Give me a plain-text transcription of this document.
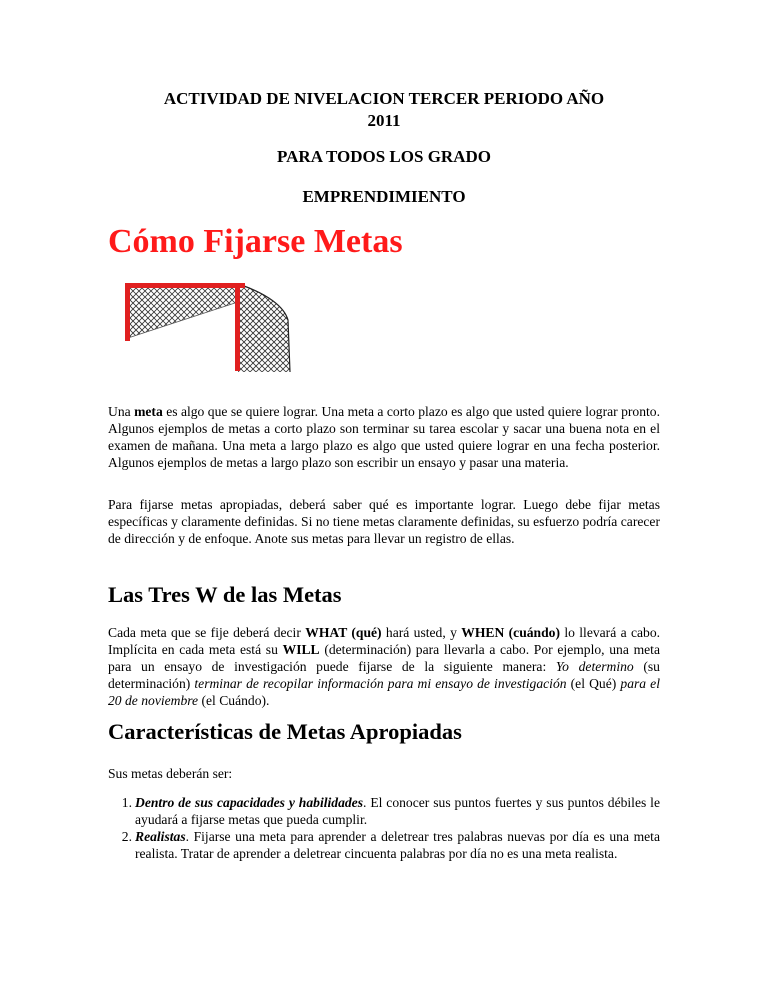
ACTIVIDAD DE NIVELACION TERCER PERIODO AÑO
2011
PARA TODOS LOS GRADO
EMPRENDIMIENTO
Cómo Fijarse Metas

Una meta es algo que se quiere lograr. Una meta a corto plazo es algo que usted quiere lograr pronto. Algunos ejemplos de metas a corto plazo son terminar su tarea escolar y sacar una buena nota en el examen de mañana. Una meta a largo plazo es algo que usted quiere lograr en una fecha posterior. Algunos ejemplos de metas a largo plazo son escribir un ensayo y pasar una materia.

Para fijarse metas apropiadas, deberá saber qué es importante lograr. Luego debe fijar metas específicas y claramente definidas. Si no tiene metas claramente definidas, su esfuerzo podría carecer de dirección y de enfoque. Anote sus metas para llevar un registro de ellas.

Las Tres W de las Metas

Cada meta que se fije deberá decir WHAT (qué) hará usted, y WHEN (cuándo) lo llevará a cabo. Implícita en cada meta está su WILL (determinación) para llevarla a cabo. Por ejemplo, una meta para un ensayo de investigación puede fijarse de la siguiente manera: Yo determino (su determinación) terminar de recopilar información para mi ensayo de investigación (el Qué) para el 20 de noviembre (el Cuándo).

Características de Metas Apropiadas

Sus metas deberán ser:

1. Dentro de sus capacidades y habilidades. El conocer sus puntos fuertes y sus puntos débiles le ayudará a fijarse metas que pueda cumplir.
2. Realistas. Fijarse una meta para aprender a deletrear tres palabras nuevas por día es una meta realista. Tratar de aprender a deletrear cincuenta palabras por día no es una meta realista.
